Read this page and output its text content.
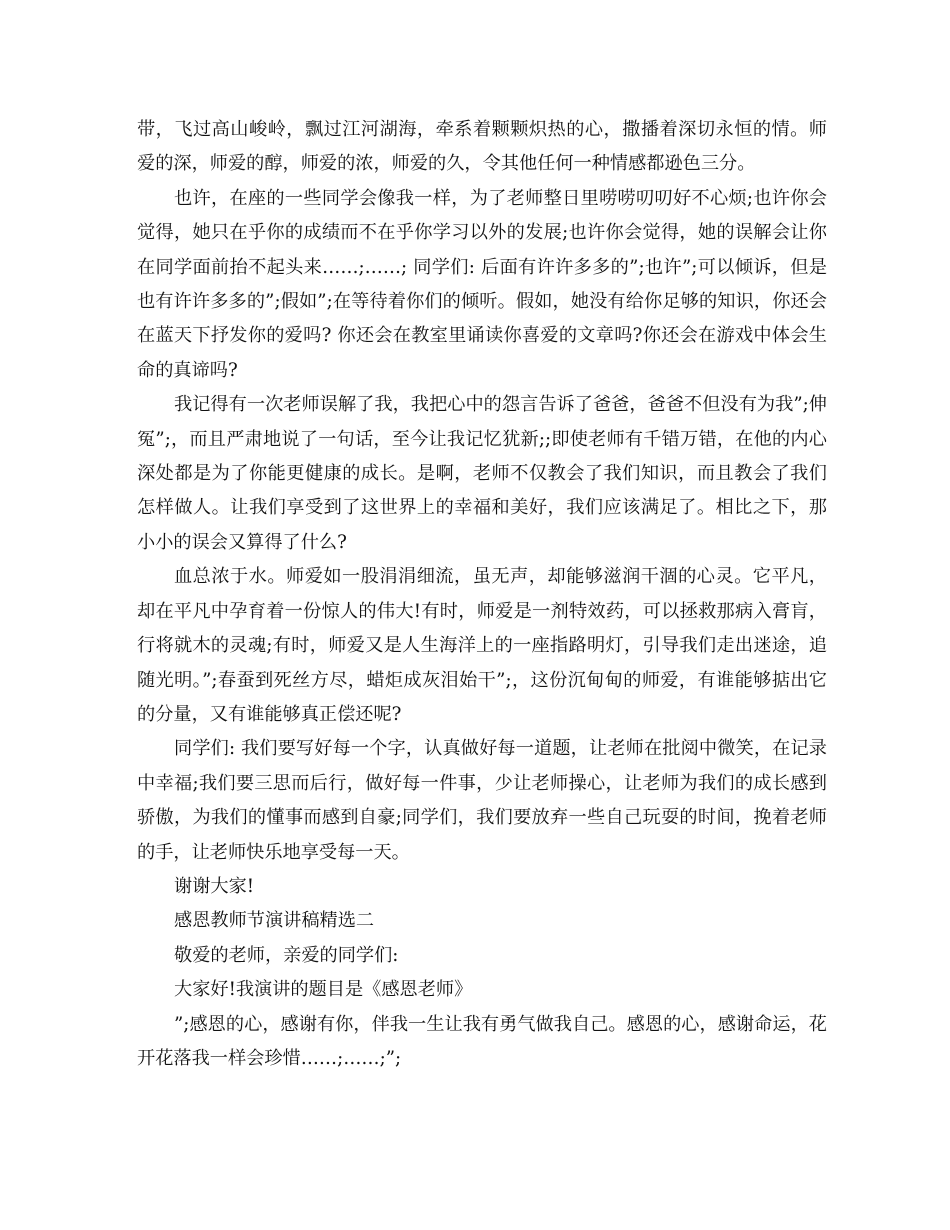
带，飞过高山峻岭，飘过江河湖海，牵系着颗颗炽热的心，撒播着深切永恒的情。师爱的深，师爱的醇，师爱的浓，师爱的久，令其他任何一种情感都逊色三分。

也许，在座的一些同学会像我一样，为了老师整日里唠唠叨叨好不心烦;也许你会觉得，她只在乎你的成绩而不在乎你学习以外的发展;也许你会觉得，她的误解会让你在同学面前抬不起头来……;……; 同学们: 后面有许许多多的”;也许”;可以倾诉，但是也有许许多多的”;假如”;在等待着你们的倾听。假如，她没有给你足够的知识，你还会在蓝天下抒发你的爱吗? 你还会在教室里诵读你喜爱的文章吗?你还会在游戏中体会生命的真谛吗?

我记得有一次老师误解了我，我把心中的怨言告诉了爸爸，爸爸不但没有为我”;伸冤”;，而且严肃地说了一句话，至今让我记忆犹新;;即使老师有千错万错，在他的内心深处都是为了你能更健康的成长。是啊，老师不仅教会了我们知识，而且教会了我们怎样做人。让我们享受到了这世界上的幸福和美好，我们应该满足了。相比之下，那小小的误会又算得了什么?

血总浓于水。师爱如一股涓涓细流，虽无声，却能够滋润干涸的心灵。它平凡，却在平凡中孕育着一份惊人的伟大!有时，师爱是一剂特效药，可以拯救那病入膏肓，行将就木的灵魂;有时，师爱又是人生海洋上的一座指路明灯，引导我们走出迷途，追随光明。”;春蚕到死丝方尽，蜡炬成灰泪始干”;，这份沉甸甸的师爱，有谁能够掂出它的分量，又有谁能够真正偿还呢?

同学们: 我们要写好每一个字，认真做好每一道题，让老师在批阅中微笑，在记录中幸福;我们要三思而后行，做好每一件事，少让老师操心，让老师为我们的成长感到骄傲，为我们的懂事而感到自豪;同学们，我们要放弃一些自己玩耍的时间，挽着老师的手，让老师快乐地享受每一天。

谢谢大家!

感恩教师节演讲稿精选二

敬爱的老师，亲爱的同学们:

大家好!我演讲的题目是《感恩老师》

”;感恩的心，感谢有你，伴我一生让我有勇气做我自己。感恩的心，感谢命运，花开花落我一样会珍惜……;……;”;
